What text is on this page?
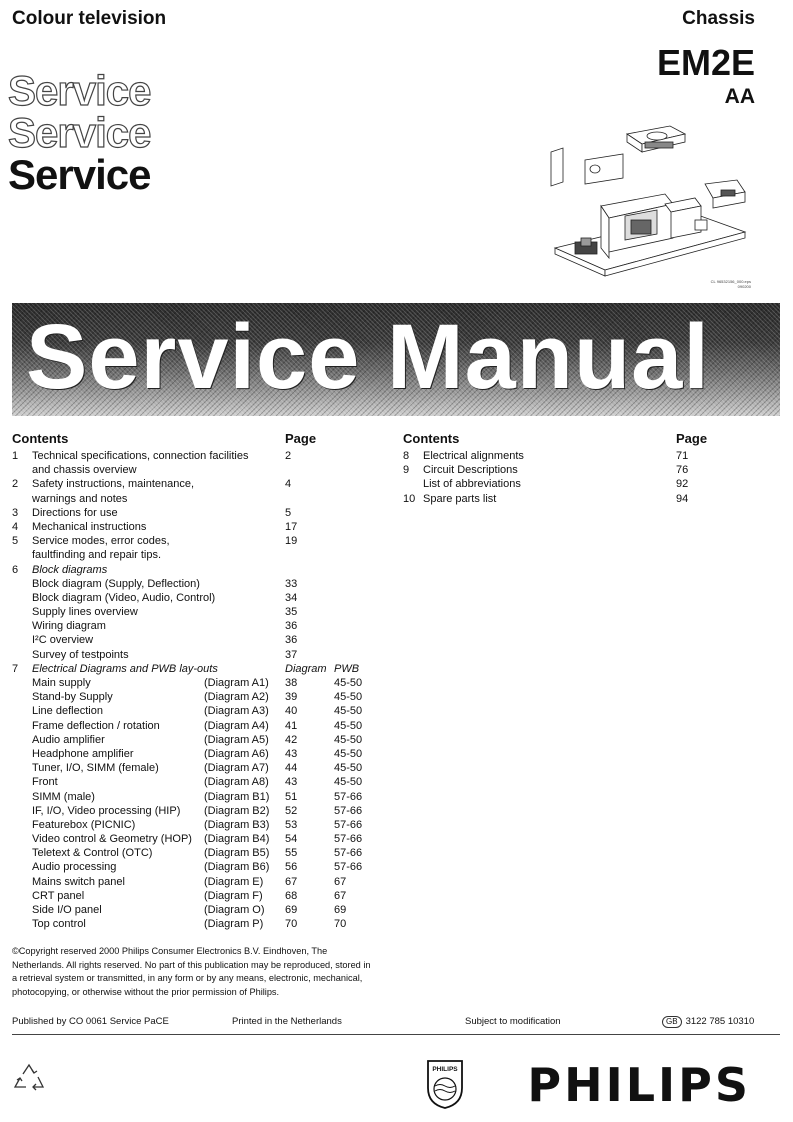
Colour television	Chassis
EM2E
AA
Service
Service
Service
CL 96532156_000.eps
090200
Service Manual
Contents	Page
1 Technical specifications, connection facilities	2
and chassis overview
2 Safety instructions, maintenance,	4
warnings and notes
3 Directions for use	5
4 Mechanical instructions	17
5 Service modes, error codes,	19
faultfinding and repair tips.
6 Block diagrams
Block diagram (Supply, Deflection)	33
Block diagram (Video, Audio, Control)	34
Supply lines overview	35
Wiring diagram	36
I²C overview	36
Survey of testpoints	37
7 Electrical Diagrams and PWB lay-outs	Diagram PWB
Main supply	(Diagram A1) 38	45-50
Stand-by Supply	(Diagram A2) 39	45-50
Line deflection	(Diagram A3) 40	45-50
Frame deflection / rotation	(Diagram A4) 41	45-50
Audio amplifier	(Diagram A5) 42	45-50
Headphone amplifier	(Diagram A6) 43	45-50
Tuner, I/O, SIMM (female)	(Diagram A7) 44	45-50
Front	(Diagram A8) 43	45-50
SIMM (male)	(Diagram B1) 51	57-66
IF, I/O, Video processing (HIP) (Diagram B2) 52	57-66
Featurebox (PICNIC)	(Diagram B3) 53	57-66
Video control & Geometry (HOP) (Diagram B4) 54	57-66
Teletext & Control (OTC)	(Diagram B5) 55	57-66
Audio processing	(Diagram B6) 56	57-66
Mains switch panel	(Diagram E) 67	67
CRT panel	(Diagram F) 68	67
Side I/O panel	(Diagram O) 69	69
Top control	(Diagram P) 70	70
Contents	Page
8 Electrical alignments	71
9 Circuit Descriptions	76
List of abbreviations	92
10 Spare parts list	94
©Copyright reserved 2000 Philips Consumer Electronics B.V. Eindhoven, The Netherlands. All rights reserved. No part of this publication may be reproduced, stored in a retrieval system or transmitted, in any form or by any means, electronic, mechanical, photocopying, or otherwise without the prior permission of Philips.
Published by CO 0061 Service PaCE	Printed in the Netherlands	Subject to modification	GB 3122 785 10310
PHILIPS PHILIPS
